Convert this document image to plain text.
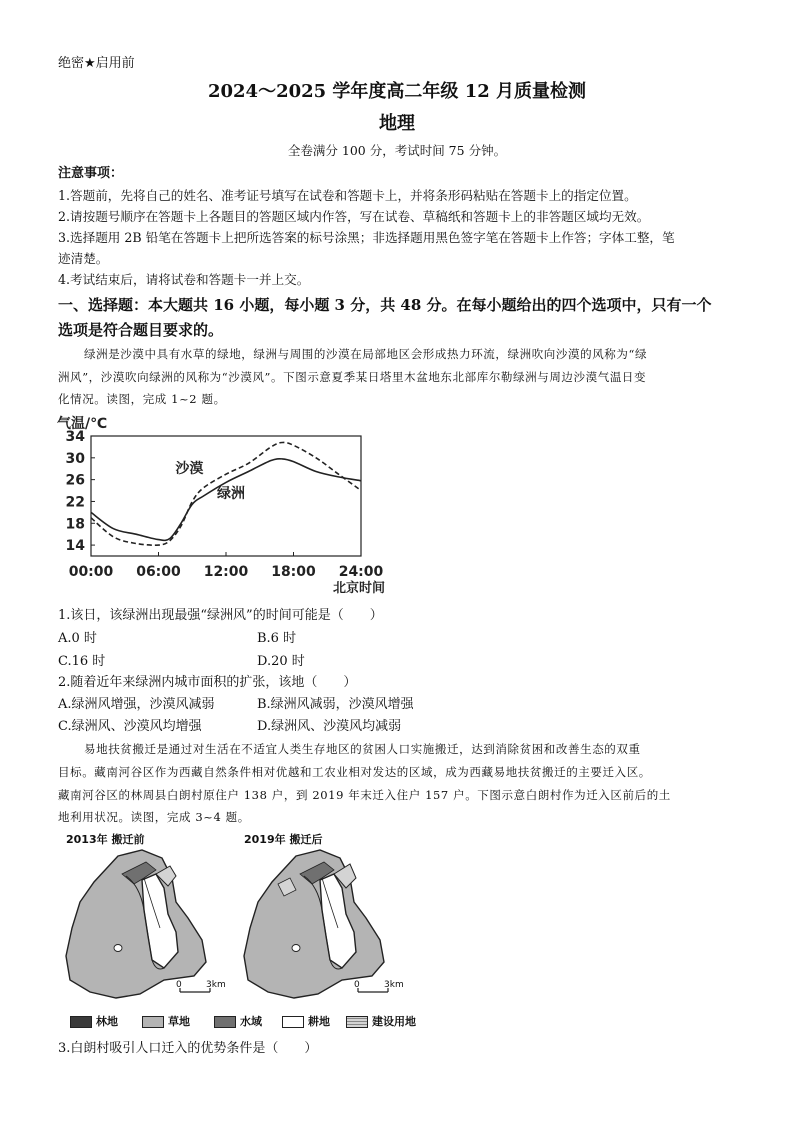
绝密★启用前
2024～2025 学年度高二年级 12 月质量检测
地理
全卷满分 100 分，考试时间 75 分钟。
注意事项：
1.答题前，先将自己的姓名、准考证号填写在试卷和答题卡上，并将条形码粘贴在答题卡上的指定位置。
2.请按题号顺序在答题卡上各题目的答题区域内作答，写在试卷、草稿纸和答题卡上的非答题区域均无效。
3.选择题用 2B 铅笔在答题卡上把所选答案的标号涂黑；非选择题用黑色签字笔在答题卡上作答；字体工整，笔
迹清楚。
4.考试结束后，请将试卷和答题卡一并上交。
一、选择题：本大题共 16 小题，每小题 3 分，共 48 分。在每小题给出的四个选项中，只有一个
选项是符合题目要求的。
绿洲是沙漠中具有水草的绿地，绿洲与周围的沙漠在局部地区会形成热力环流，绿洲吹向沙漠的风称为“绿
洲风”，沙漠吹向绿洲的风称为“沙漠风”。下图示意夏季某日塔里木盆地东北部库尔勒绿洲与周边沙漠气温日变
化情况。读图，完成 1~2 题。
14
18
22
26
30
34
00:00 06:00 12:00 18:00 24:00
气温/℃
北京时间
沙漠
绿洲
1.该日，该绿洲出现最强“绿洲风”的时间可能是（　　）
A.0 时	B.6 时
C.16 时	D.20 时
2.随着近年来绿洲内城市面积的扩张，该地（　　）
A.绿洲风增强，沙漠风减弱	B.绿洲风减弱，沙漠风增强
C.绿洲风、沙漠风均增强	D.绿洲风、沙漠风均减弱
易地扶贫搬迁是通过对生活在不适宜人类生存地区的贫困人口实施搬迁，达到消除贫困和改善生态的双重
目标。藏南河谷区作为西藏自然条件相对优越和工农业相对发达的区域，成为西藏易地扶贫搬迁的主要迁入区。
藏南河谷区的林周县白朗村原住户 138 户，到 2019 年末迁入住户 157 户。下图示意白朗村作为迁入区前后的土
地利用状况。读图，完成 3~4 题。
2013年 搬迁前	2019年 搬迁后
0	3km	0	3km
林地	草地	水域	耕地	建设用地
3.白朗村吸引人口迁入的优势条件是（　　）
